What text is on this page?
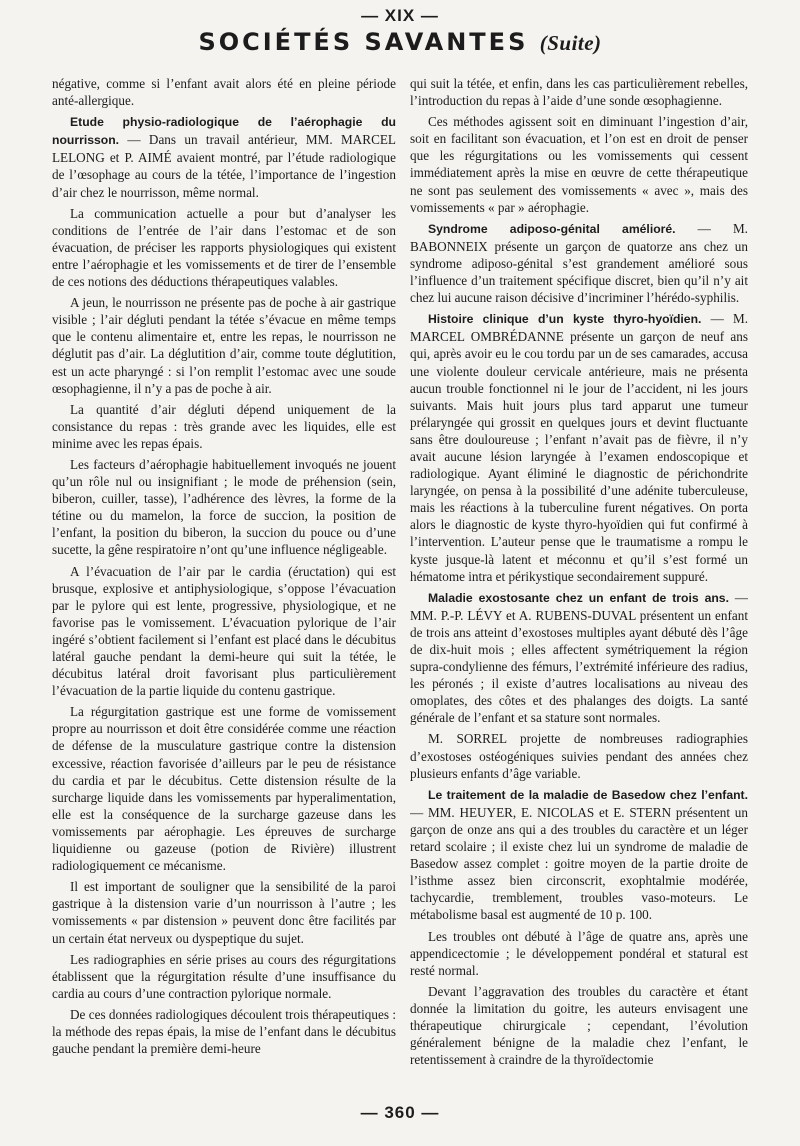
— XIX —
SOCIÉTÉS SAVANTES (Suite)

négative, comme si l’enfant avait alors été en pleine période anté-allergique.

Etude physio-radiologique de l’aérophagie du nourrisson. — Dans un travail antérieur, MM. MARCEL LELONG et P. AIMÉ avaient montré, par l’étude radiologique de l’œsophage au cours de la tétée, l’importance de l’ingestion d’air chez le nourrisson, même normal.

La communication actuelle a pour but d’analyser les conditions de l’entrée de l’air dans l’estomac et de son évacuation, de préciser les rapports physiologiques qui existent entre l’aérophagie et les vomissements et de tirer de l’ensemble de ces notions des déductions thérapeutiques valables.

A jeun, le nourrisson ne présente pas de poche à air gastrique visible ; l’air dégluti pendant la tétée s’évacue en même temps que le contenu alimentaire et, entre les repas, le nourrisson ne déglutit pas d’air. La déglutition d’air, comme toute déglutition, est un acte pharyngé : si l’on remplit l’estomac avec une soude œsophagienne, il n’y a pas de poche à air.

La quantité d’air dégluti dépend uniquement de la consistance du repas : très grande avec les liquides, elle est minime avec les repas épais.

Les facteurs d’aérophagie habituellement invoqués ne jouent qu’un rôle nul ou insignifiant ; le mode de préhension (sein, biberon, cuiller, tasse), l’adhérence des lèvres, la forme de la tétine ou du mamelon, la force de succion, la position de l’enfant, la position du biberon, la succion du pouce ou d’une sucette, la gêne respiratoire n’ont qu’une influence négligeable.

A l’évacuation de l’air par le cardia (éructation) qui est brusque, explosive et antiphysiologique, s’oppose l’évacuation par le pylore qui est lente, progressive, physiologique, et ne favorise pas le vomissement. L’évacuation pylorique de l’air ingéré s’obtient facilement si l’enfant est placé dans le décubitus latéral gauche pendant la demi-heure qui suit la tétée, le décubitus latéral droit favorisant plus particulièrement l’évacuation de la partie liquide du contenu gastrique.

La régurgitation gastrique est une forme de vomissement propre au nourrisson et doit être considérée comme une réaction de défense de la musculature gastrique contre la distension excessive, réaction favorisée d’ailleurs par le peu de résistance du cardia et par le décubitus. Cette distension résulte de la surcharge liquide dans les vomissements par hyperalimentation, elle est la conséquence de la surcharge gazeuse dans les vomissements par aérophagie. Les épreuves de surcharge liquidienne ou gazeuse (potion de Rivière) illustrent radiologiquement ce mécanisme.

Il est important de souligner que la sensibilité de la paroi gastrique à la distension varie d’un nourrisson à l’autre ; les vomissements « par distension » peuvent donc être facilités par un certain état nerveux ou dyspeptique du sujet.

Les radiographies en série prises au cours des régurgitations établissent que la régurgitation résulte d’une insuffisance du cardia au cours d’une contraction pylorique normale.

De ces données radiologiques découlent trois thérapeutiques : la méthode des repas épais, la mise de l’enfant dans le décubitus gauche pendant la première demi-heure

qui suit la tétée, et enfin, dans les cas particulièrement rebelles, l’introduction du repas à l’aide d’une sonde œsophagienne.

Ces méthodes agissent soit en diminuant l’ingestion d’air, soit en facilitant son évacuation, et l’on est en droit de penser que les régurgitations ou les vomissements qui cessent immédiatement après la mise en œuvre de cette thérapeutique ne sont pas seulement des vomissements « avec », mais des vomissements « par » aérophagie.

Syndrome adiposo-génital amélioré. — M. BABONNEIX présente un garçon de quatorze ans chez un syndrome adiposo-génital s’est grandement amélioré sous l’influence d’un traitement spécifique discret, bien qu’il n’y ait chez lui aucune raison décisive d’incriminer l’hérédo-syphilis.

Histoire clinique d’un kyste thyro-hyoïdien. — M. MARCEL OMBRÉDANNE présente un garçon de neuf ans qui, après avoir eu le cou tordu par un de ses camarades, accusa une violente douleur cervicale antérieure, mais ne présenta aucun trouble fonctionnel ni le jour de l’accident, ni les jours suivants. Mais huit jours plus tard apparut une tumeur prélaryngée qui grossit en quelques jours et devint fluctuante sans être douloureuse ; l’enfant n’avait pas de fièvre, il n’y avait aucune lésion laryngée à l’examen endoscopique et radiologique. Ayant éliminé le diagnostic de périchondrite laryngée, on pensa à la possibilité d’une adénite tuberculeuse, mais les réactions à la tuberculine furent négatives. On porta alors le diagnostic de kyste thyro-hyoïdien qui fut confirmé à l’intervention. L’auteur pense que le traumatisme a rompu le kyste jusque-là latent et méconnu et qu’il s’est formé un hématome intra et périkystique secondairement suppuré.

Maladie exostosante chez un enfant de trois ans. — MM. P.-P. LÉVY et A. RUBENS-DUVAL présentent un enfant de trois ans atteint d’exostoses multiples ayant débuté dès l’âge de dix-huit mois ; elles affectent symétriquement la région supra-condylienne des fémurs, l’extrémité inférieure des radius, les péronés ; il existe d’autres localisations au niveau des omoplates, des côtes et des phalanges des doigts. La santé générale de l’enfant et sa stature sont normales.

M. SORREL projette de nombreuses radiographies d’exostoses ostéogéniques suivies pendant des années chez plusieurs enfants d’âge variable.

Le traitement de la maladie de Basedow chez l’enfant. — MM. HEUYER, E. NICOLAS et E. STERN présentent un garçon de onze ans qui a des troubles du caractère et un léger retard scolaire ; il existe chez lui un syndrome de maladie de Basedow assez complet : goitre moyen de la partie droite de l’isthme assez bien circonscrit, exophtalmie modérée, tachycardie, tremblement, troubles vaso-moteurs. Le métabolisme basal est augmenté de 10 p. 100.

Les troubles ont débuté à l’âge de quatre ans, après une appendicectomie ; le développement pondéral et statural est resté normal.

Devant l’aggravation des troubles du caractère et étant donnée la limitation du goitre, les auteurs envisagent une thérapeutique chirurgicale ; cependant, l’évolution généralement bénigne de la maladie chez l’enfant, le retentissement à craindre de la thyroïdectomie

— 360 —
